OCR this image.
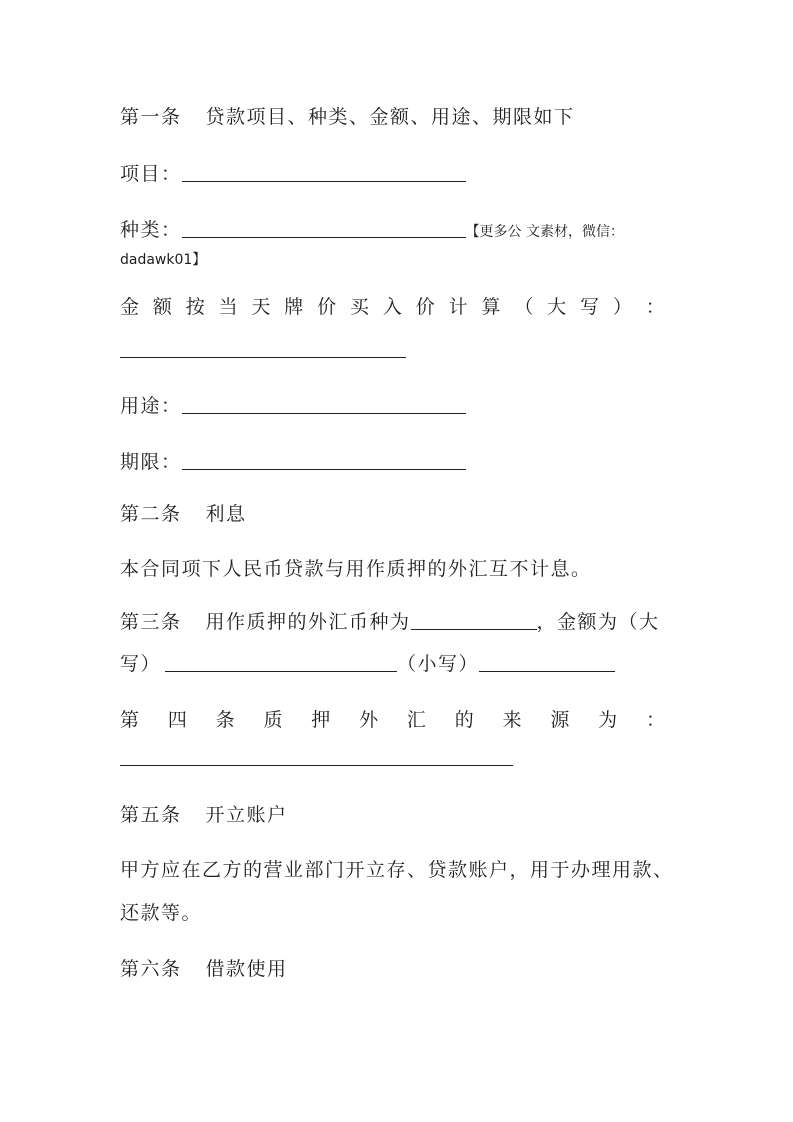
第一条 贷款项目、种类、金额、用途、期限如下
项目：
种类：	【更多公 文素材，微信：
dadawk01】
金 额 按 当 天 牌 价 买 入 价 计 算 （ 大 写 ） ：
用途：
期限：
第二条 利息
本合同项下人民币贷款与用作质押的外汇互不计息。
第三条 用作质押的外汇币种为	，金额为（大
写）	（小写）
第 四 条 质 押 外 汇 的 来 源 为 ：
第五条 开立账户
甲方应在乙方的营业部门开立存、贷款账户，用于办理用款、
还款等。
第六条 借款使用
